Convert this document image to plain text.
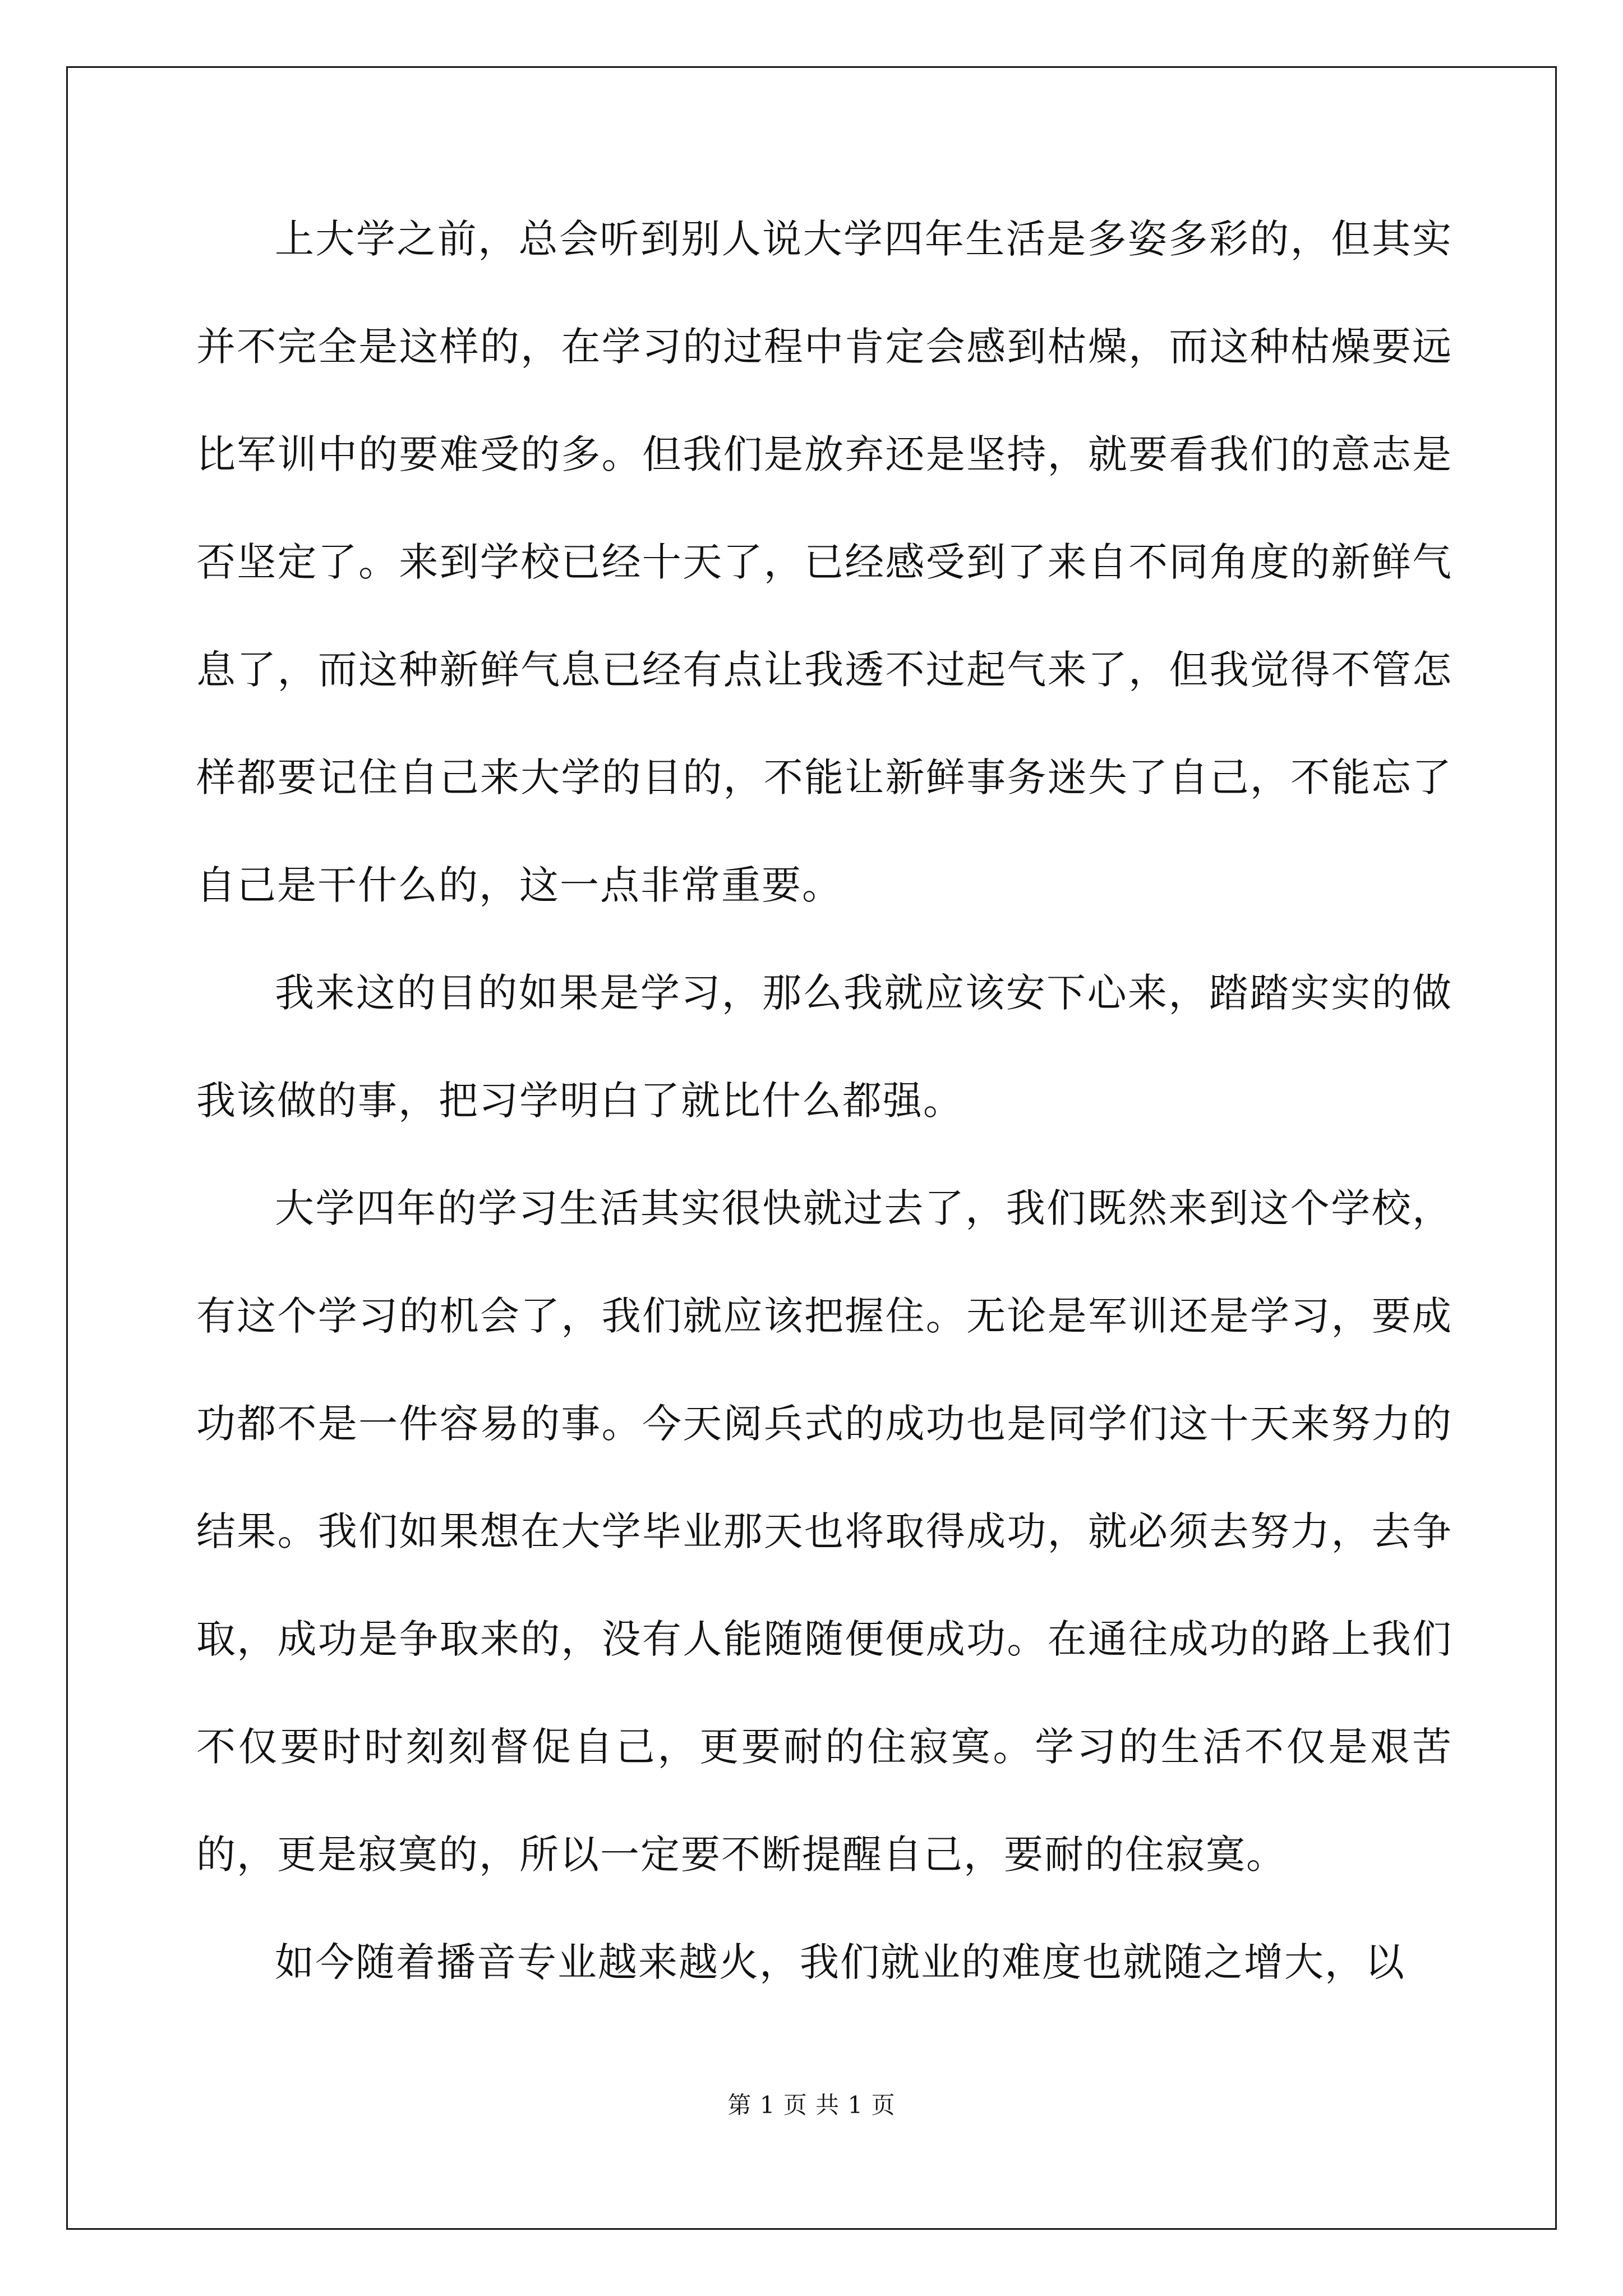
上大学之前，总会听到别人说大学四年生活是多姿多彩的，但其实并不完全是这样的，在学习的过程中肯定会感到枯燥，而这种枯燥要远比军训中的要难受的多。但我们是放弃还是坚持，就要看我们的意志是否坚定了。来到学校已经十天了，已经感受到了来自不同角度的新鲜气息了，而这种新鲜气息已经有点让我透不过起气来了，但我觉得不管怎样都要记住自己来大学的目的，不能让新鲜事务迷失了自己，不能忘了自己是干什么的，这一点非常重要。

我来这的目的如果是学习，那么我就应该安下心来，踏踏实实的做我该做的事，把习学明白了就比什么都强。

大学四年的学习生活其实很快就过去了，我们既然来到这个学校，有这个学习的机会了，我们就应该把握住。无论是军训还是学习，要成功都不是一件容易的事。今天阅兵式的成功也是同学们这十天来努力的结果。我们如果想在大学毕业那天也将取得成功，就必须去努力，去争取，成功是争取来的，没有人能随随便便成功。在通往成功的路上我们不仅要时时刻刻督促自己，更要耐的住寂寞。学习的生活不仅是艰苦的，更是寂寞的，所以一定要不断提醒自己，要耐的住寂寞。

如今随着播音专业越来越火，我们就业的难度也就随之增大，以

第 1 页 共 1 页
